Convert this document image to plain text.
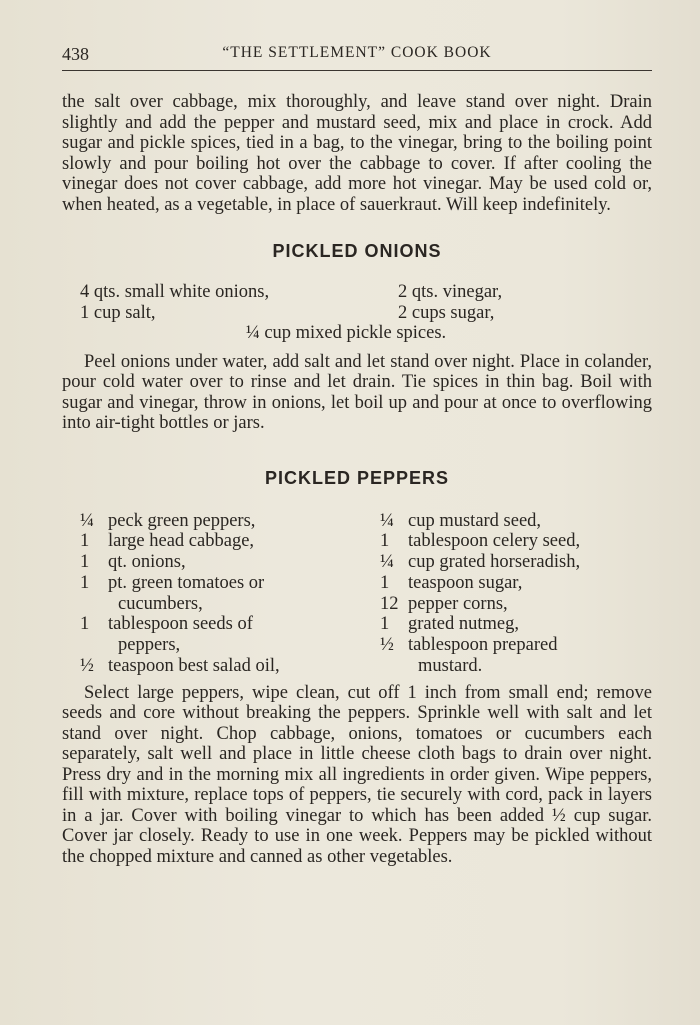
438	“THE SETTLEMENT” COOK BOOK

the salt over cabbage, mix thoroughly, and leave stand over night. Drain slightly and add the pepper and mustard seed, mix and place in crock. Add sugar and pickle spices, tied in a bag, to the vinegar, bring to the boiling point slowly and pour boiling hot over the cabbage to cover. If after cooling the vinegar does not cover cabbage, add more hot vinegar. May be used cold or, when heated, as a vegetable, in place of sauerkraut. Will keep indefinitely.

PICKLED ONIONS
4 qts. small white onions,	2 qts. vinegar,
1 cup salt,	2 cups sugar,
¼ cup mixed pickle spices.

Peel onions under water, add salt and let stand over night. Place in colander, pour cold water over to rinse and let drain. Tie spices in thin bag. Boil with sugar and vinegar, throw in onions, let boil up and pour at once to overflowing into air-tight bottles or jars.

PICKLED PEPPERS
¼ peck green peppers,
1	large head cabbage,
1	qt. onions,
1	pt. green tomatoes or
cucumbers,
1	tablespoon seeds of
peppers,
½ teaspoon best salad oil,
¼ cup mustard seed,
1	tablespoon celery seed,
¼ cup grated horseradish,
1	teaspoon sugar,
12 pepper corns,
1	grated nutmeg,
½ tablespoon prepared
mustard.

Select large peppers, wipe clean, cut off 1 inch from small end; remove seeds and core without breaking the peppers. Sprinkle well with salt and let stand over night. Chop cabbage, onions, tomatoes or cucumbers each separately, salt well and place in little cheese cloth bags to drain over night. Press dry and in the morning mix all ingredients in order given. Wipe peppers, fill with mixture, replace tops of peppers, tie securely with cord, pack in layers in a jar. Cover with boiling vinegar to which has been added ½ cup sugar. Cover jar closely. Ready to use in one week. Peppers may be pickled without the chopped mixture and canned as other vegetables.
